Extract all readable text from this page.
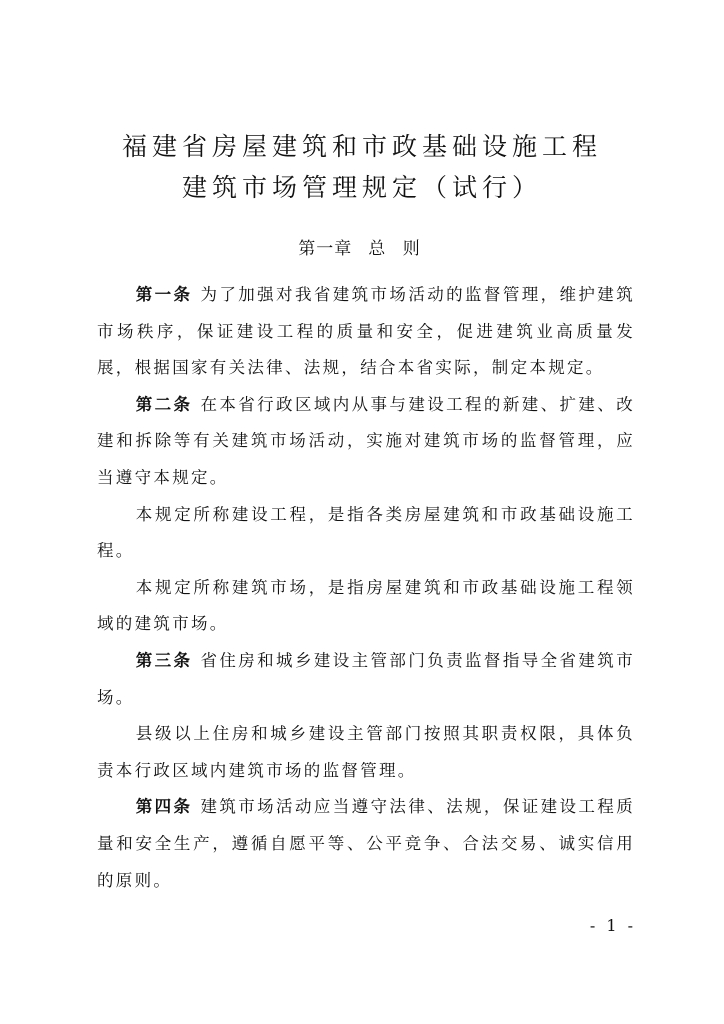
福建省房屋建筑和市政基础设施工程
建筑市场管理规定（试行）
第一章 总 则

第一条 为了加强对我省建筑市场活动的监督管理，维护建筑市场秩序，保证建设工程的质量和安全，促进建筑业高质量发展，根据国家有关法律、法规，结合本省实际，制定本规定。

第二条 在本省行政区域内从事与建设工程的新建、扩建、改建和拆除等有关建筑市场活动，实施对建筑市场的监督管理，应当遵守本规定。

本规定所称建设工程，是指各类房屋建筑和市政基础设施工程。

本规定所称建筑市场，是指房屋建筑和市政基础设施工程领域的建筑市场。

第三条 省住房和城乡建设主管部门负责监督指导全省建筑市场。

县级以上住房和城乡建设主管部门按照其职责权限，具体负责本行政区域内建筑市场的监督管理。

第四条 建筑市场活动应当遵守法律、法规，保证建设工程质量和安全生产，遵循自愿平等、公平竞争、合法交易、诚实信用的原则。

- 1 -
